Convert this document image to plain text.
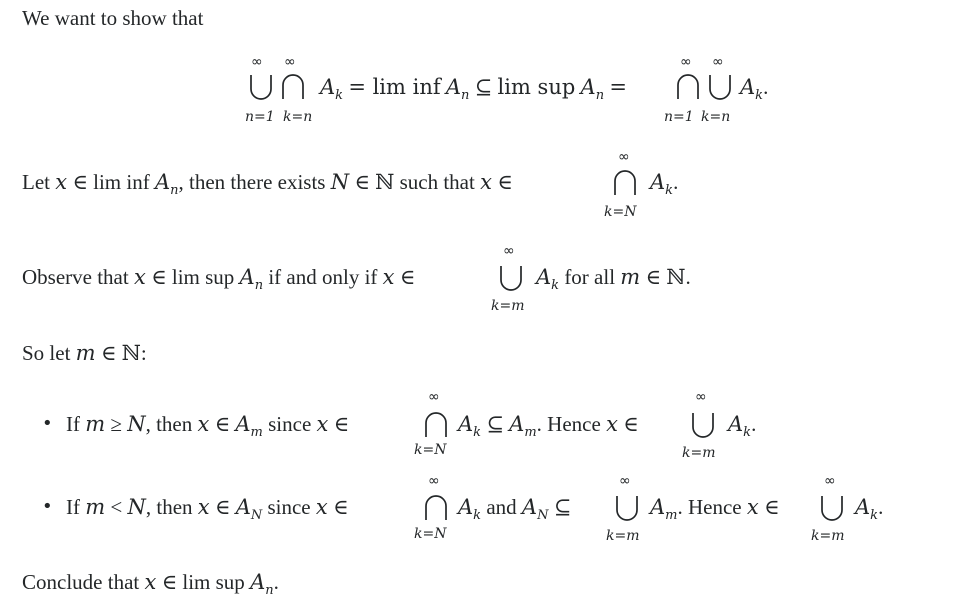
We want to show that
∞
n=1
∞
k=n
$A_k = \lim$ inf $A_n$ ⊆ lim sup $A_n$ =
∞
n=1
∞
k=n
$A_k$.
Let x ∈ lim inf $A_n$, then there exists N ∈ ℕ such that x ∈
∞
k=N
$A_k$.
Observe that x ∈ lim sup $A_n$ if and only if x ∈
∞
k=m
$A_k$ for all m ∈ ℕ.
So let m ∈ ℕ:
• If m ≥ N, then x ∈ $A_m$ since x ∈
∞
k=N
$A_k$ ⊆ $A_m$. Hence x ∈
∞
k=m
$A_k$.
• If m < N, then x ∈ $A_N$ since x ∈
∞
k=N
$A_k$ and $A_N$ ⊆
∞
k=m
$A_m$. Hence x ∈
∞
k=m
$A_k$.
Conclude that x ∈ lim sup $A_n$.
